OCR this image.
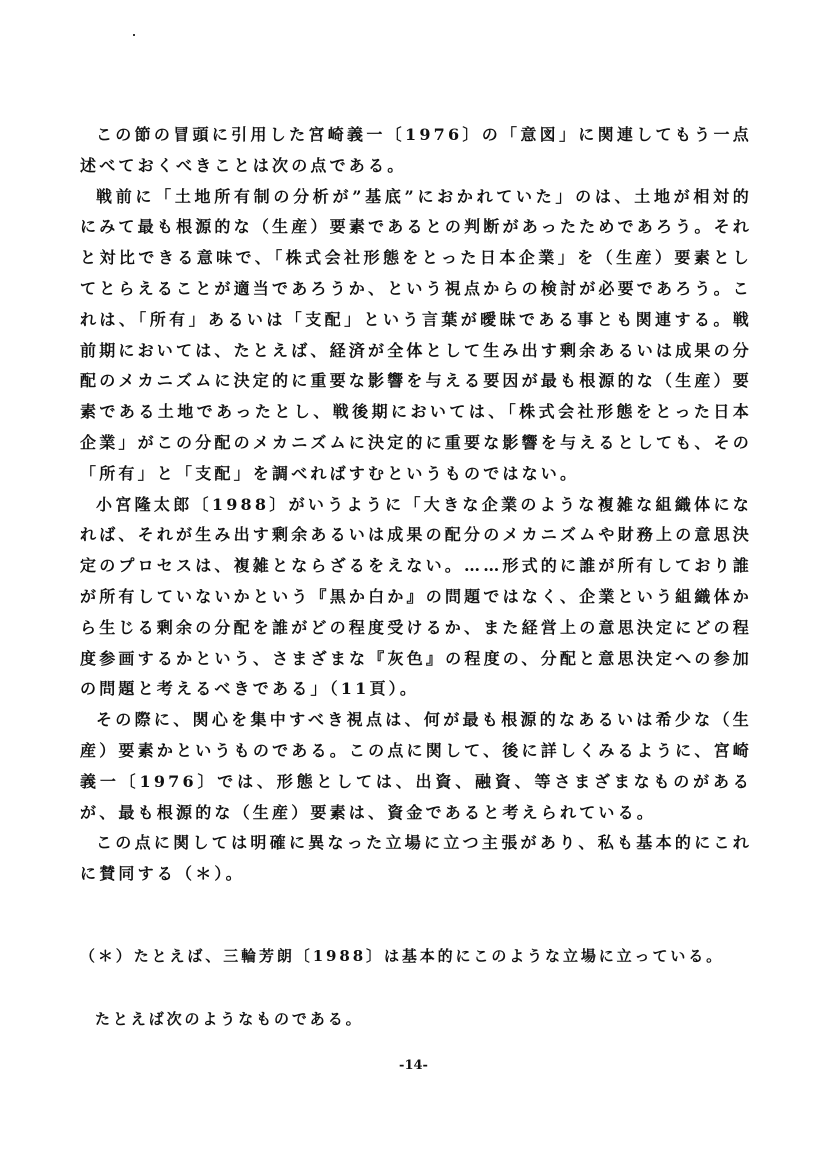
この節の冒頭に引用した宮崎義一〔1976〕の「意図」に関連してもう一点述べておくべきことは次の点である。

戦前に「土地所有制の分析が”基底”におかれていた」のは、土地が相対的にみて最も根源的な（生産）要素であるとの判断があったためであろう。それと対比できる意味で、「株式会社形態をとった日本企業」を（生産）要素としてとらえることが適当であろうか、という視点からの検討が必要であろう。これは、「所有」あるいは「支配」という言葉が曖昧である事とも関連する。戦前期においては、たとえば、経済が全体として生み出す剰余あるいは成果の分配のメカニズムに決定的に重要な影響を与える要因が最も根源的な（生産）要素である土地であったとし、戦後期においては、「株式会社形態をとった日本企業」がこの分配のメカニズムに決定的に重要な影響を与えるとしても、その「所有」と「支配」を調べればすむというものではない。

小宮隆太郎〔1988〕がいうように「大きな企業のような複雑な組織体になれば、それが生み出す剰余あるいは成果の配分のメカニズムや財務上の意思決定のプロセスは、複雑とならざるをえない。……形式的に誰が所有しており誰が所有していないかという『黒か白か』の問題ではなく、企業という組織体から生じる剰余の分配を誰がどの程度受けるか、また経営上の意思決定にどの程度参画するかという、さまざまな『灰色』の程度の、分配と意思決定への参加の問題と考えるべきである」（11頁）。

その際に、関心を集中すべき視点は、何が最も根源的なあるいは希少な（生産）要素かというものである。この点に関して、後に詳しくみるように、宮崎義一〔1976〕では、形態としては、出資、融資、等さまざまなものがあるが、最も根源的な（生産）要素は、資金であると考えられている。

この点に関しては明確に異なった立場に立つ主張があり、私も基本的にこれに賛同する（＊）。

（＊）たとえば、三輪芳朗〔1988〕は基本的にこのような立場に立っている。

たとえば次のようなものである。

-14-
